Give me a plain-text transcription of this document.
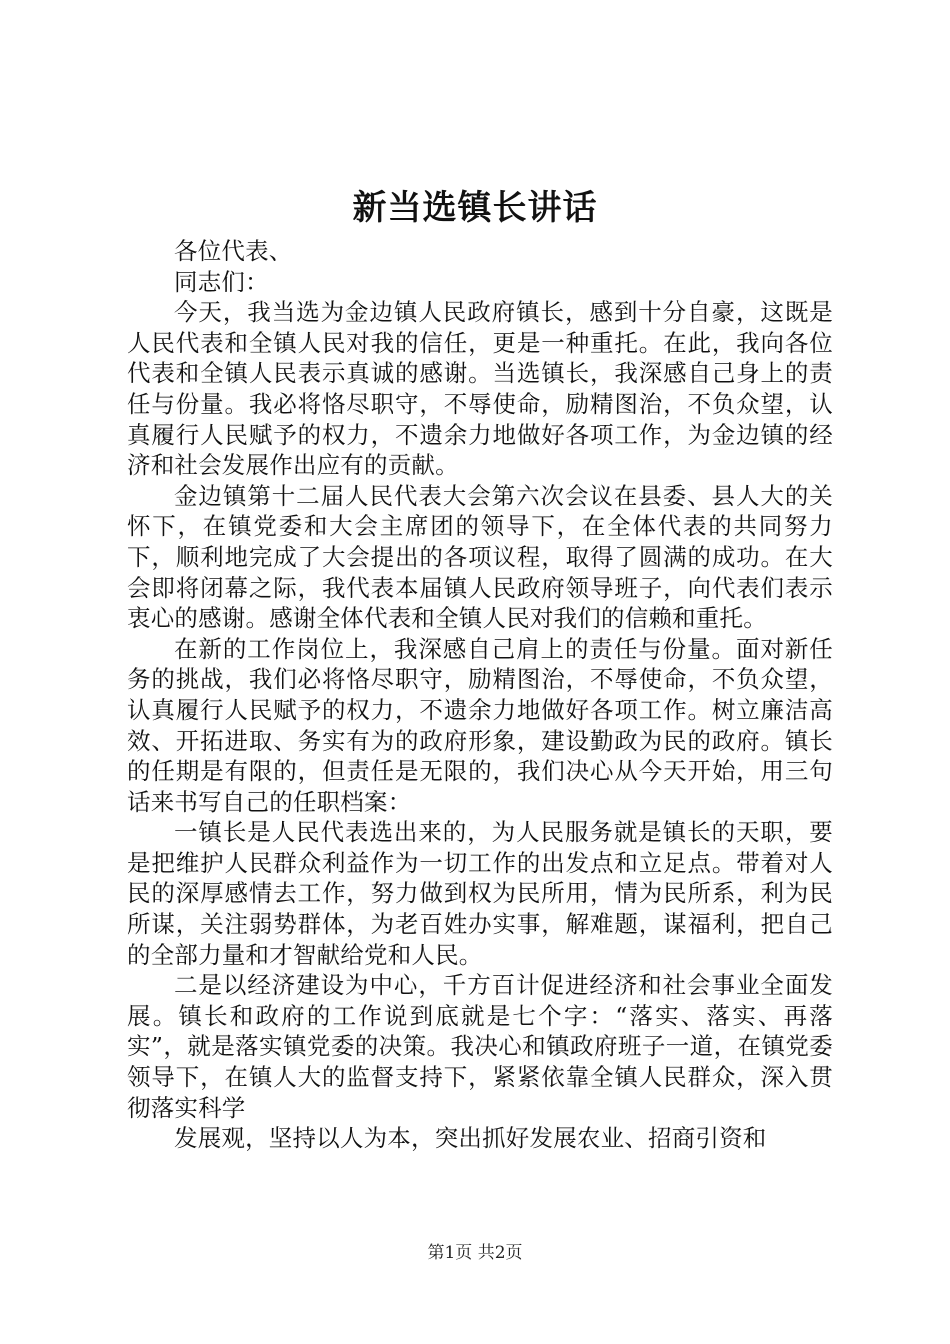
新当选镇长讲话

各位代表、

同志们：

今天，我当选为金边镇人民政府镇长，感到十分自豪，这既是人民代表和全镇人民对我的信任，更是一种重托。在此，我向各位代表和全镇人民表示真诚的感谢。当选镇长，我深感自己身上的责任与份量。我必将恪尽职守，不辱使命，励精图治，不负众望，认真履行人民赋予的权力，不遗余力地做好各项工作，为金边镇的经济和社会发展作出应有的贡献。

金边镇第十二届人民代表大会第六次会议在县委、县人大的关怀下，在镇党委和大会主席团的领导下，在全体代表的共同努力下，顺利地完成了大会提出的各项议程，取得了圆满的成功。在大会即将闭幕之际，我代表本届镇人民政府领导班子，向代表们表示衷心的感谢。感谢全体代表和全镇人民对我们的信赖和重托。

在新的工作岗位上，我深感自己肩上的责任与份量。面对新任务的挑战，我们必将恪尽职守，励精图治，不辱使命，不负众望，认真履行人民赋予的权力，不遗余力地做好各项工作。树立廉洁高效、开拓进取、务实有为的政府形象，建设勤政为民的政府。镇长的任期是有限的，但责任是无限的，我们决心从今天开始，用三句话来书写自己的任职档案：

一镇长是人民代表选出来的，为人民服务就是镇长的天职，要是把维护人民群众利益作为一切工作的出发点和立足点。带着对人民的深厚感情去工作，努力做到权为民所用，情为民所系，利为民所谋，关注弱势群体，为老百姓办实事，解难题，谋福利，把自己的全部力量和才智献给党和人民。

二是以经济建设为中心，千方百计促进经济和社会事业全面发展。镇长和政府的工作说到底就是七个字：“落实、落实、再落实”，就是落实镇党委的决策。我决心和镇政府班子一道，在镇党委领导下，在镇人大的监督支持下，紧紧依靠全镇人民群众，深入贯彻落实科学

发展观，坚持以人为本，突出抓好发展农业、招商引资和

第1页 共2页
